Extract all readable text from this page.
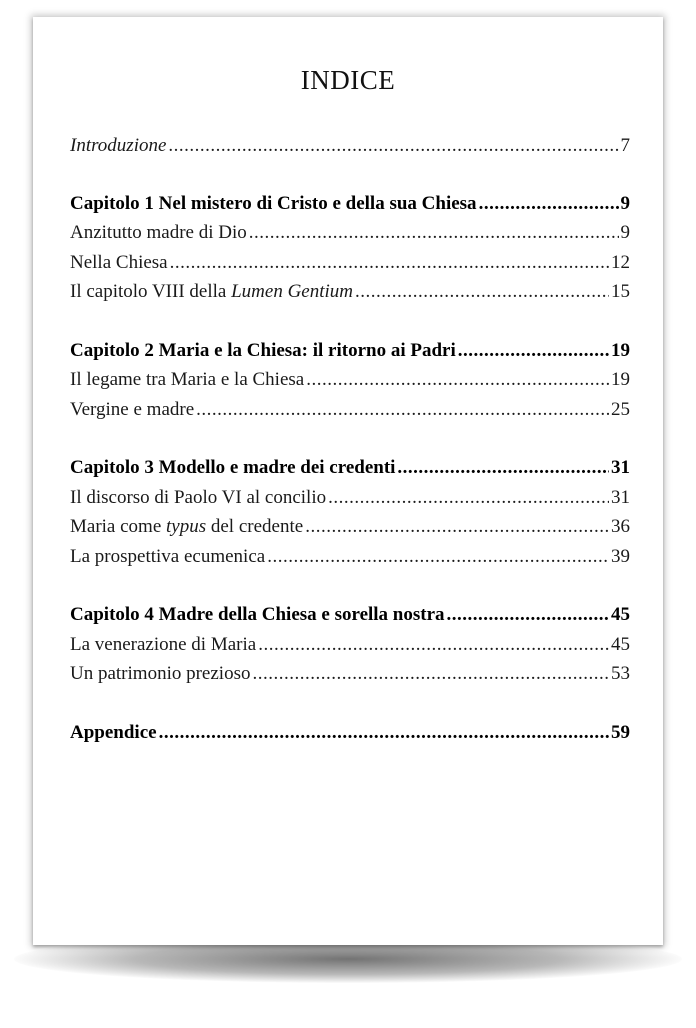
INDICE
Introduzione .....	7
Capitolo 1 Nel mistero di Cristo e della sua Chiesa .....	9
Anzitutto madre di Dio .....	9
Nella Chiesa .....	12
Il capitolo VIII della Lumen Gentium .....	15
Capitolo 2 Maria e la Chiesa: il ritorno ai Padri .....	19
Il legame tra Maria e la Chiesa .....	19
Vergine e madre .....	25
Capitolo 3 Modello e madre dei credenti .....	31
Il discorso di Paolo VI al concilio .....	31
Maria come typus del credente .....	36
La prospettiva ecumenica .....	39
Capitolo 4 Madre della Chiesa e sorella nostra .....	45
La venerazione di Maria .....	45
Un patrimonio prezioso .....	53
Appendice .....	59
